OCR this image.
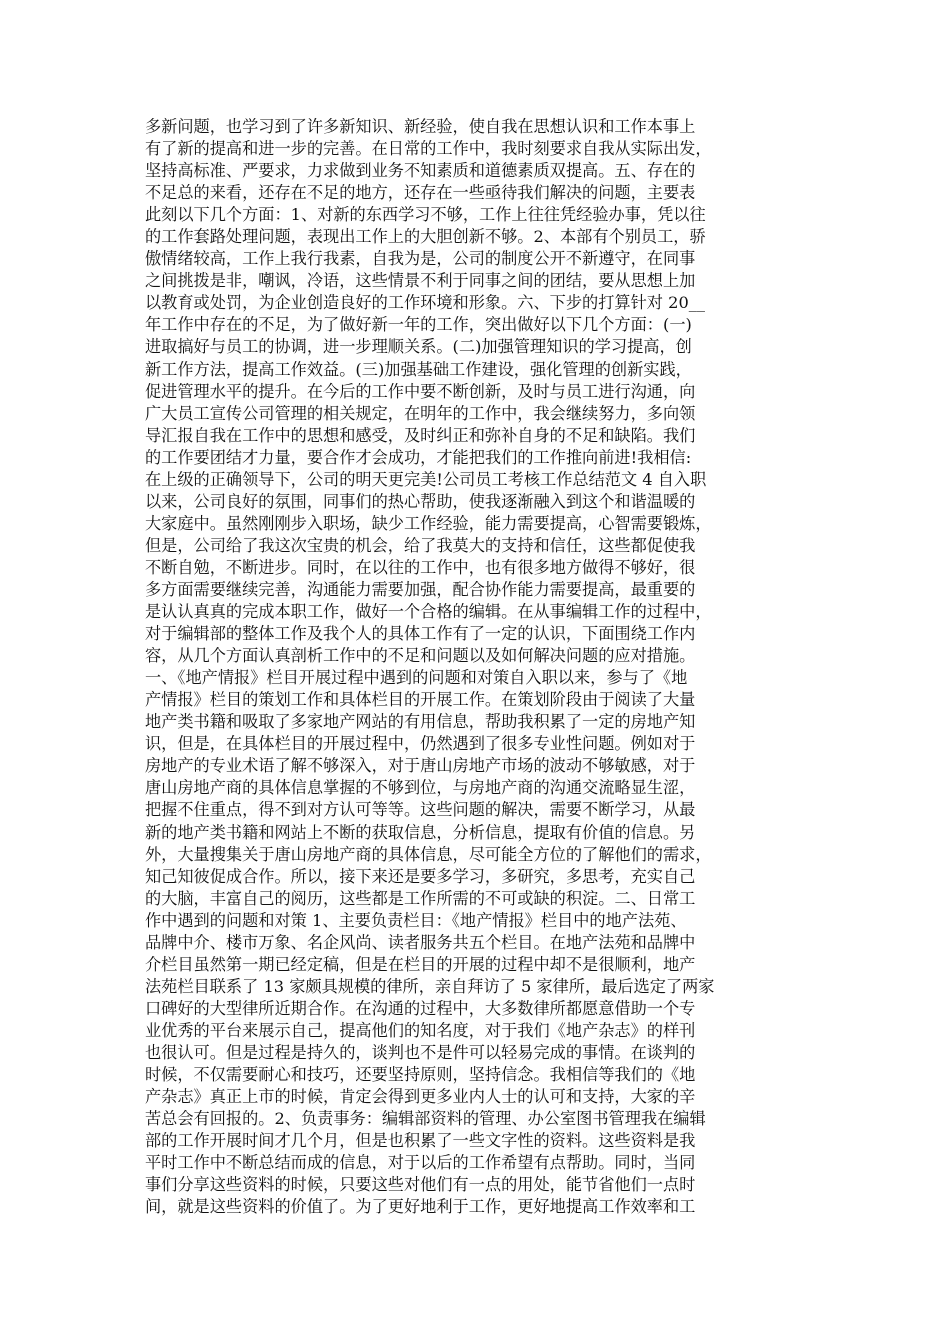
多新问题，也学习到了许多新知识、新经验，使自我在思想认识和工作本事上
有了新的提高和进一步的完善。在日常的工作中，我时刻要求自我从实际出发，
坚持高标准、严要求，力求做到业务不知素质和道德素质双提高。五、存在的
不足总的来看，还存在不足的地方，还存在一些亟待我们解决的问题，主要表
此刻以下几个方面：1、对新的东西学习不够，工作上往往凭经验办事，凭以往
的工作套路处理问题，表现出工作上的大胆创新不够。2、本部有个别员工，骄
傲情绪较高，工作上我行我素，自我为是，公司的制度公开不新遵守，在同事
之间挑拨是非，嘲讽，冷语，这些情景不利于同事之间的团结，要从思想上加
以教育或处罚，为企业创造良好的工作环境和形象。六、下步的打算针对 20__
年工作中存在的不足，为了做好新一年的工作，突出做好以下几个方面：(一)
进取搞好与员工的协调，进一步理顺关系。(二)加强管理知识的学习提高，创
新工作方法，提高工作效益。(三)加强基础工作建设，强化管理的创新实践，
促进管理水平的提升。在今后的工作中要不断创新，及时与员工进行沟通，向
广大员工宣传公司管理的相关规定，在明年的工作中，我会继续努力，多向领
导汇报自我在工作中的思想和感受，及时纠正和弥补自身的不足和缺陷。我们
的工作要团结才力量，要合作才会成功，才能把我们的工作推向前进!我相信:
在上级的正确领导下，公司的明天更完美!公司员工考核工作总结范文 4 自入职
以来，公司良好的氛围，同事们的热心帮助，使我逐渐融入到这个和谐温暖的
大家庭中。虽然刚刚步入职场，缺少工作经验，能力需要提高，心智需要锻炼，
但是，公司给了我这次宝贵的机会，给了我莫大的支持和信任，这些都促使我
不断自勉，不断进步。同时，在以往的工作中，也有很多地方做得不够好，很
多方面需要继续完善，沟通能力需要加强，配合协作能力需要提高，最重要的
是认认真真的完成本职工作，做好一个合格的编辑。在从事编辑工作的过程中，
对于编辑部的整体工作及我个人的具体工作有了一定的认识，下面围绕工作内
容，从几个方面认真剖析工作中的不足和问题以及如何解决问题的应对措施。
一、《地产情报》栏目开展过程中遇到的问题和对策自入职以来，参与了《地
产情报》栏目的策划工作和具体栏目的开展工作。在策划阶段由于阅读了大量
地产类书籍和吸取了多家地产网站的有用信息，帮助我积累了一定的房地产知
识，但是，在具体栏目的开展过程中，仍然遇到了很多专业性问题。例如对于
房地产的专业术语了解不够深入，对于唐山房地产市场的波动不够敏感，对于
唐山房地产商的具体信息掌握的不够到位，与房地产商的沟通交流略显生涩，
把握不住重点，得不到对方认可等等。这些问题的解决，需要不断学习，从最
新的地产类书籍和网站上不断的获取信息，分析信息，提取有价值的信息。另
外，大量搜集关于唐山房地产商的具体信息，尽可能全方位的了解他们的需求，
知己知彼促成合作。所以，接下来还是要多学习，多研究，多思考，充实自己
的大脑，丰富自己的阅历，这些都是工作所需的不可或缺的积淀。二、日常工
作中遇到的问题和对策 1、主要负责栏目：《地产情报》栏目中的地产法苑、
品牌中介、楼市万象、名企风尚、读者服务共五个栏目。在地产法苑和品牌中
介栏目虽然第一期已经定稿，但是在栏目的开展的过程中却不是很顺利，地产
法苑栏目联系了 13 家颇具规模的律所，亲自拜访了 5 家律所，最后选定了两家
口碑好的大型律所近期合作。在沟通的过程中，大多数律所都愿意借助一个专
业优秀的平台来展示自己，提高他们的知名度，对于我们《地产杂志》的样刊
也很认可。但是过程是持久的，谈判也不是件可以轻易完成的事情。在谈判的
时候，不仅需要耐心和技巧，还要坚持原则，坚持信念。我相信等我们的《地
产杂志》真正上市的时候，肯定会得到更多业内人士的认可和支持，大家的辛
苦总会有回报的。2、负责事务：编辑部资料的管理、办公室图书管理我在编辑
部的工作开展时间才几个月，但是也积累了一些文字性的资料。这些资料是我
平时工作中不断总结而成的信息，对于以后的工作希望有点帮助。同时，当同
事们分享这些资料的时候，只要这些对他们有一点的用处，能节省他们一点时
间，就是这些资料的价值了。为了更好地利于工作，更好地提高工作效率和工
